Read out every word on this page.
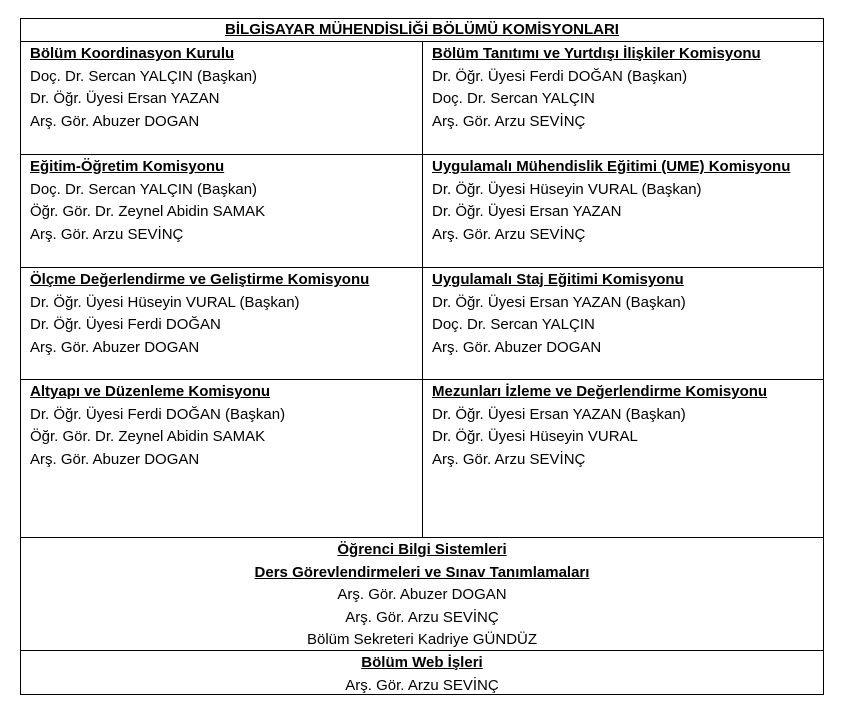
BİLGİSAYAR MÜHENDİSLİĞİ BÖLÜMÜ KOMİSYONLARI
Bölüm Koordinasyon Kurulu
Doç. Dr. Sercan YALÇIN (Başkan)
Dr. Öğr. Üyesi Ersan YAZAN
Arş. Gör. Abuzer DOGAN
Bölüm Tanıtımı ve Yurtdışı İlişkiler Komisyonu
Dr. Öğr. Üyesi Ferdi DOĞAN (Başkan)
Doç. Dr. Sercan YALÇIN
Arş. Gör. Arzu SEVİNÇ
Eğitim-Öğretim Komisyonu
Doç. Dr. Sercan YALÇIN (Başkan)
Öğr. Gör. Dr. Zeynel Abidin SAMAK
Arş. Gör. Arzu SEVİNÇ
Uygulamalı Mühendislik Eğitimi (UME) Komisyonu
Dr. Öğr. Üyesi Hüseyin VURAL (Başkan)
Dr. Öğr. Üyesi Ersan YAZAN
Arş. Gör. Arzu SEVİNÇ
Ölçme Değerlendirme ve Geliştirme Komisyonu
Dr. Öğr. Üyesi Hüseyin VURAL (Başkan)
Dr. Öğr. Üyesi Ferdi DOĞAN
Arş. Gör. Abuzer DOGAN
Uygulamalı Staj Eğitimi Komisyonu
Dr. Öğr. Üyesi Ersan YAZAN (Başkan)
Doç. Dr. Sercan YALÇIN
Arş. Gör. Abuzer DOGAN
Altyapı ve Düzenleme Komisyonu
Dr. Öğr. Üyesi Ferdi DOĞAN (Başkan)
Öğr. Gör. Dr. Zeynel Abidin SAMAK
Arş. Gör. Abuzer DOGAN
Mezunları İzleme ve Değerlendirme Komisyonu
Dr. Öğr. Üyesi Ersan YAZAN (Başkan)
Dr. Öğr. Üyesi Hüseyin VURAL
Arş. Gör. Arzu SEVİNÇ
Öğrenci Bilgi Sistemleri
Ders Görevlendirmeleri ve Sınav Tanımlamaları
Arş. Gör. Abuzer DOGAN
Arş. Gör. Arzu SEVİNÇ
Bölüm Sekreteri Kadriye GÜNDÜZ
Bölüm Web İşleri
Arş. Gör. Arzu SEVİNÇ
